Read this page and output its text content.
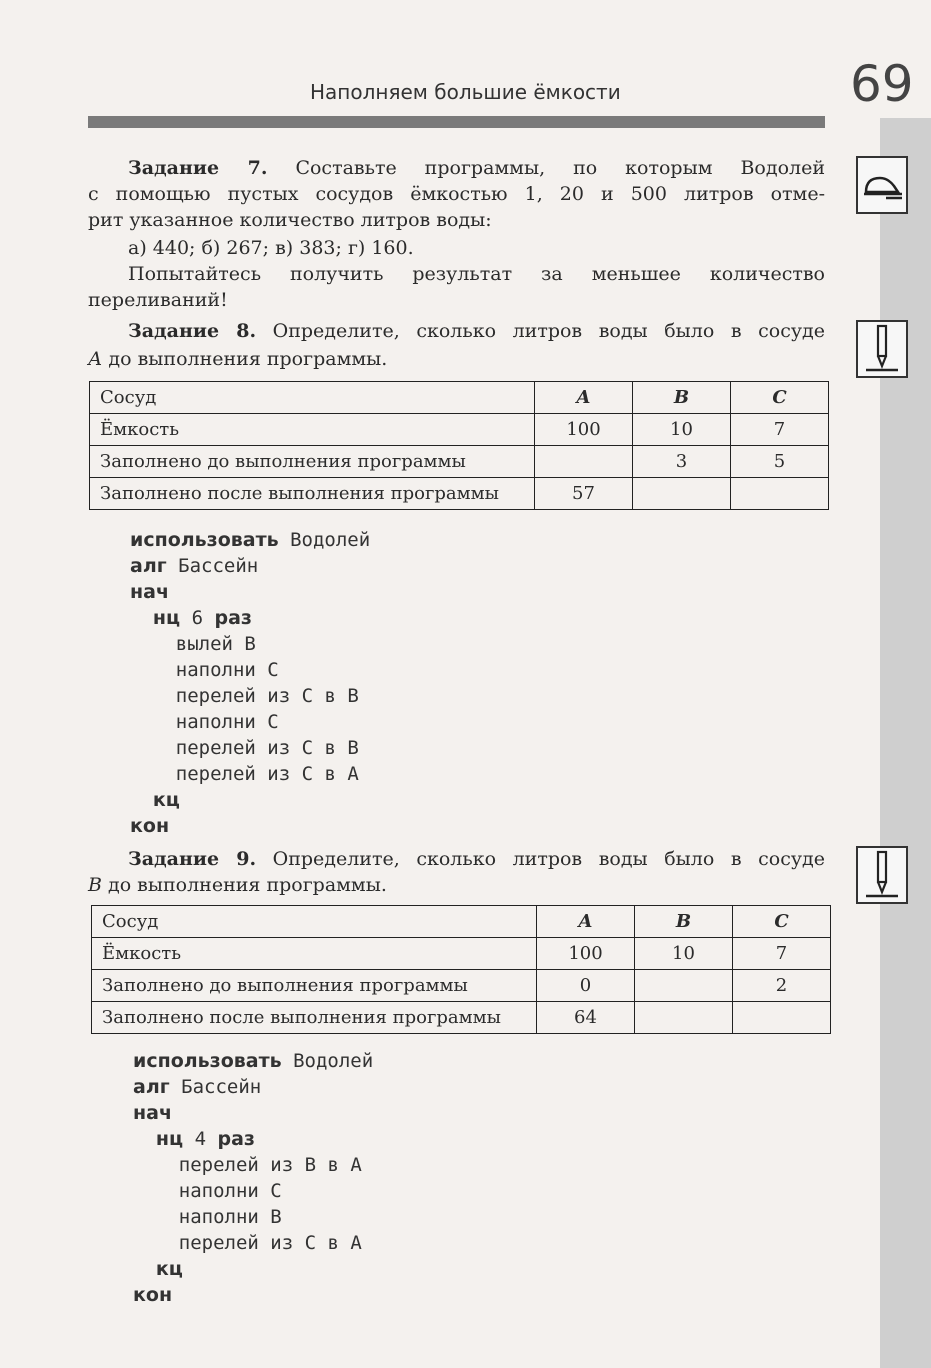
Наполняем большие ёмкости	69
Задание 7. Составьте программы, по которым Водолей
с помощью пустых сосудов ёмкостью 1, 20 и 500 литров отме-
рит указанное количество литров воды:
а) 440; б) 267; в) 383; г) 160.
Попытайтесь получить результат за меньшее количество
переливаний!
Задание 8. Определите, сколько литров воды было в сосуде
А до выполнения программы.
Сосуд	А	В	С
Ёмкость	100	10	7
Заполнено до выполнения программы		3	5
Заполнено после выполнения программы	57		
использовать Водолей
алг Бассейн
нач
нц 6 раз
вылей В
наполни С
перелей из С в В
наполни С
перелей из С в В
перелей из С в А
кц
кон
Задание 9. Определите, сколько литров воды было в сосуде
В до выполнения программы.
Сосуд	А	В	С
Ёмкость	100	10	7
Заполнено до выполнения программы	0		2
Заполнено после выполнения программы	64		
использовать Водолей
алг Бассейн
нач
нц 4 раз
перелей из В в А
наполни С
наполни В
перелей из С в А
кц
кон
